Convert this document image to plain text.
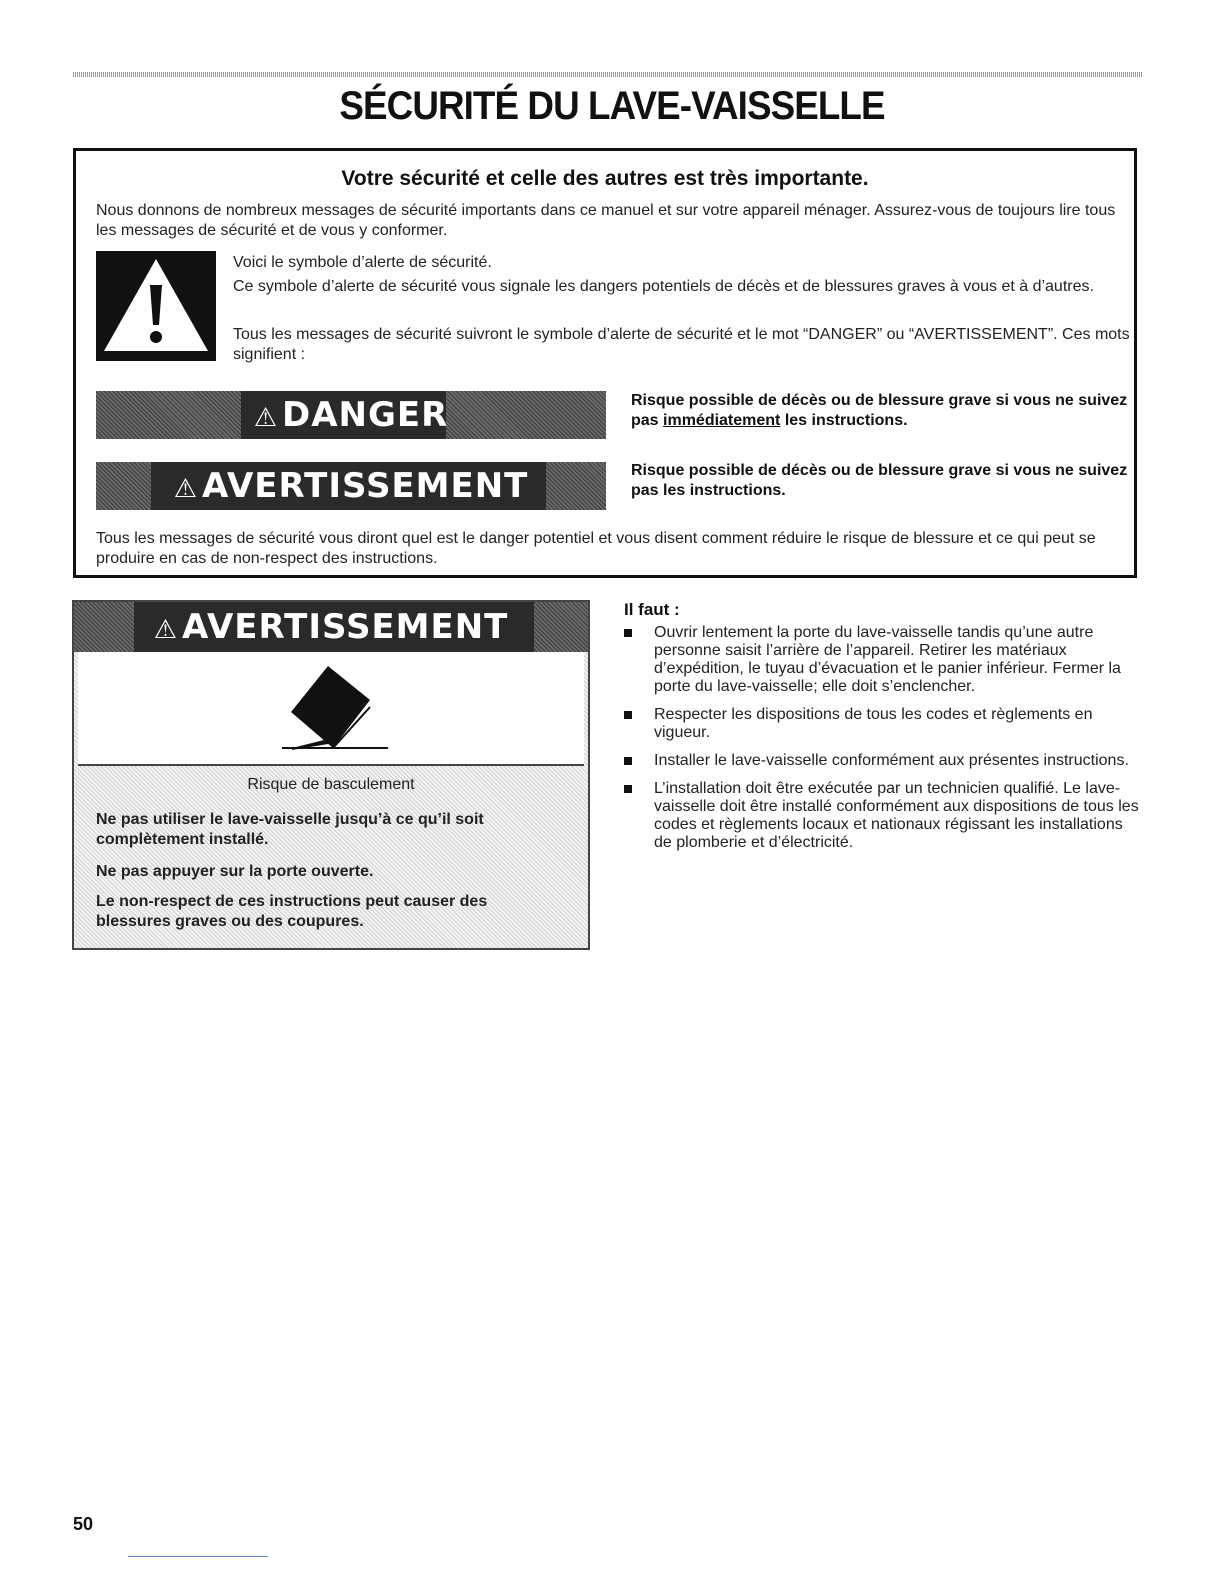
SÉCURITÉ DU LAVE-VAISSELLE
Votre sécurité et celle des autres est très importante.
Nous donnons de nombreux messages de sécurité importants dans ce manuel et sur votre appareil ménager. Assurez-vous de toujours lire tous les messages de sécurité et de vous y conformer.
Voici le symbole d’alerte de sécurité.
Ce symbole d’alerte de sécurité vous signale les dangers potentiels de décès et de blessures graves à vous et à d’autres.
Tous les messages de sécurité suivront le symbole d’alerte de sécurité et le mot “DANGER” ou “AVERTISSEMENT”. Ces mots signifient :
⚠ DANGER	Risque possible de décès ou de blessure grave si vous ne suivez pas immédiatement les instructions.
⚠ AVERTISSEMENT	Risque possible de décès ou de blessure grave si vous ne suivez pas les instructions.
Tous les messages de sécurité vous diront quel est le danger potentiel et vous disent comment réduire le risque de blessure et ce qui peut se produire en cas de non-respect des instructions.
⚠ AVERTISSEMENT
Risque de basculement
Ne pas utiliser le lave-vaisselle jusqu’à ce qu’il soit complètement installé.
Ne pas appuyer sur la porte ouverte.
Le non-respect de ces instructions peut causer des blessures graves ou des coupures.
Il faut :
Ouvrir lentement la porte du lave-vaisselle tandis qu’une autre personne saisit l’arrière de l’appareil. Retirer les matériaux d’expédition, le tuyau d’évacuation et le panier inférieur. Fermer la porte du lave-vaisselle; elle doit s’enclencher.
Respecter les dispositions de tous les codes et règlements en vigueur.
Installer le lave-vaisselle conformément aux présentes instructions.
L’installation doit être exécutée par un technicien qualifié. Le lave-vaisselle doit être installé conformément aux dispositions de tous les codes et règlements locaux et nationaux régissant les installations de plomberie et d’électricité.
50
